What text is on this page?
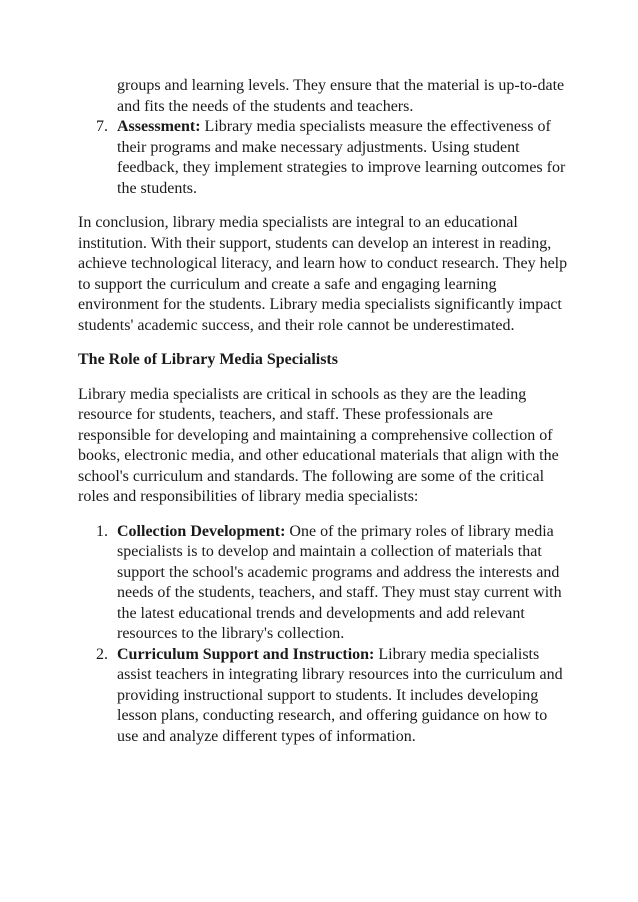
groups and learning levels. They ensure that the material is up-to-date and fits the needs of the students and teachers.
7. Assessment: Library media specialists measure the effectiveness of their programs and make necessary adjustments. Using student feedback, they implement strategies to improve learning outcomes for the students.

In conclusion, library media specialists are integral to an educational institution. With their support, students can develop an interest in reading, achieve technological literacy, and learn how to conduct research. They help to support the curriculum and create a safe and engaging learning environment for the students. Library media specialists significantly impact students' academic success, and their role cannot be underestimated.

The Role of Library Media Specialists

Library media specialists are critical in schools as they are the leading resource for students, teachers, and staff. These professionals are responsible for developing and maintaining a comprehensive collection of books, electronic media, and other educational materials that align with the school's curriculum and standards. The following are some of the critical roles and responsibilities of library media specialists:

1. Collection Development: One of the primary roles of library media specialists is to develop and maintain a collection of materials that support the school's academic programs and address the interests and needs of the students, teachers, and staff. They must stay current with the latest educational trends and developments and add relevant resources to the library's collection.
2. Curriculum Support and Instruction: Library media specialists assist teachers in integrating library resources into the curriculum and providing instructional support to students. It includes developing lesson plans, conducting research, and offering guidance on how to use and analyze different types of information.
